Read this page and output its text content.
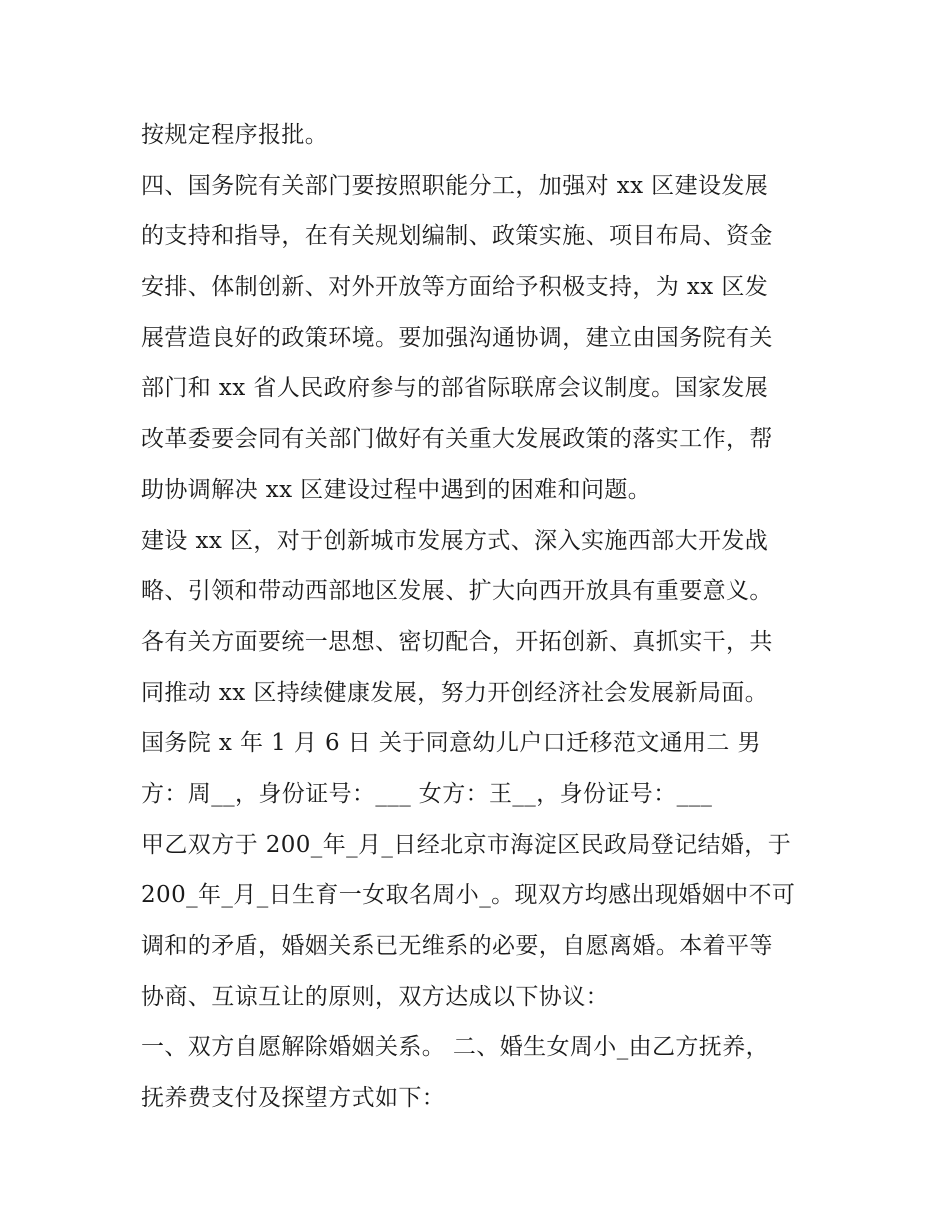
按规定程序报批。
四、国务院有关部门要按照职能分工，加强对 xx 区建设发展
的支持和指导，在有关规划编制、政策实施、项目布局、资金
安排、体制创新、对外开放等方面给予积极支持，为 xx 区发
展营造良好的政策环境。要加强沟通协调，建立由国务院有关
部门和 xx 省人民政府参与的部省际联席会议制度。国家发展
改革委要会同有关部门做好有关重大发展政策的落实工作，帮
助协调解决 xx 区建设过程中遇到的困难和问题。
建设 xx 区，对于创新城市发展方式、深入实施西部大开发战
略、引领和带动西部地区发展、扩大向西开放具有重要意义。
各有关方面要统一思想、密切配合，开拓创新、真抓实干，共
同推动 xx 区持续健康发展，努力开创经济社会发展新局面。
国务院 x 年 1 月 6 日 关于同意幼儿户口迁移范文通用二 男
方：周__，身份证号：___ 女方：王__，身份证号：___
甲乙双方于 200_年_月_日经北京市海淀区民政局登记结婚，于
200_年_月_日生育一女取名周小_。现双方均感出现婚姻中不可
调和的矛盾，婚姻关系已无维系的必要，自愿离婚。本着平等
协商、互谅互让的原则，双方达成以下协议：
一、双方自愿解除婚姻关系。 二、婚生女周小_由乙方抚养，
抚养费支付及探望方式如下：
